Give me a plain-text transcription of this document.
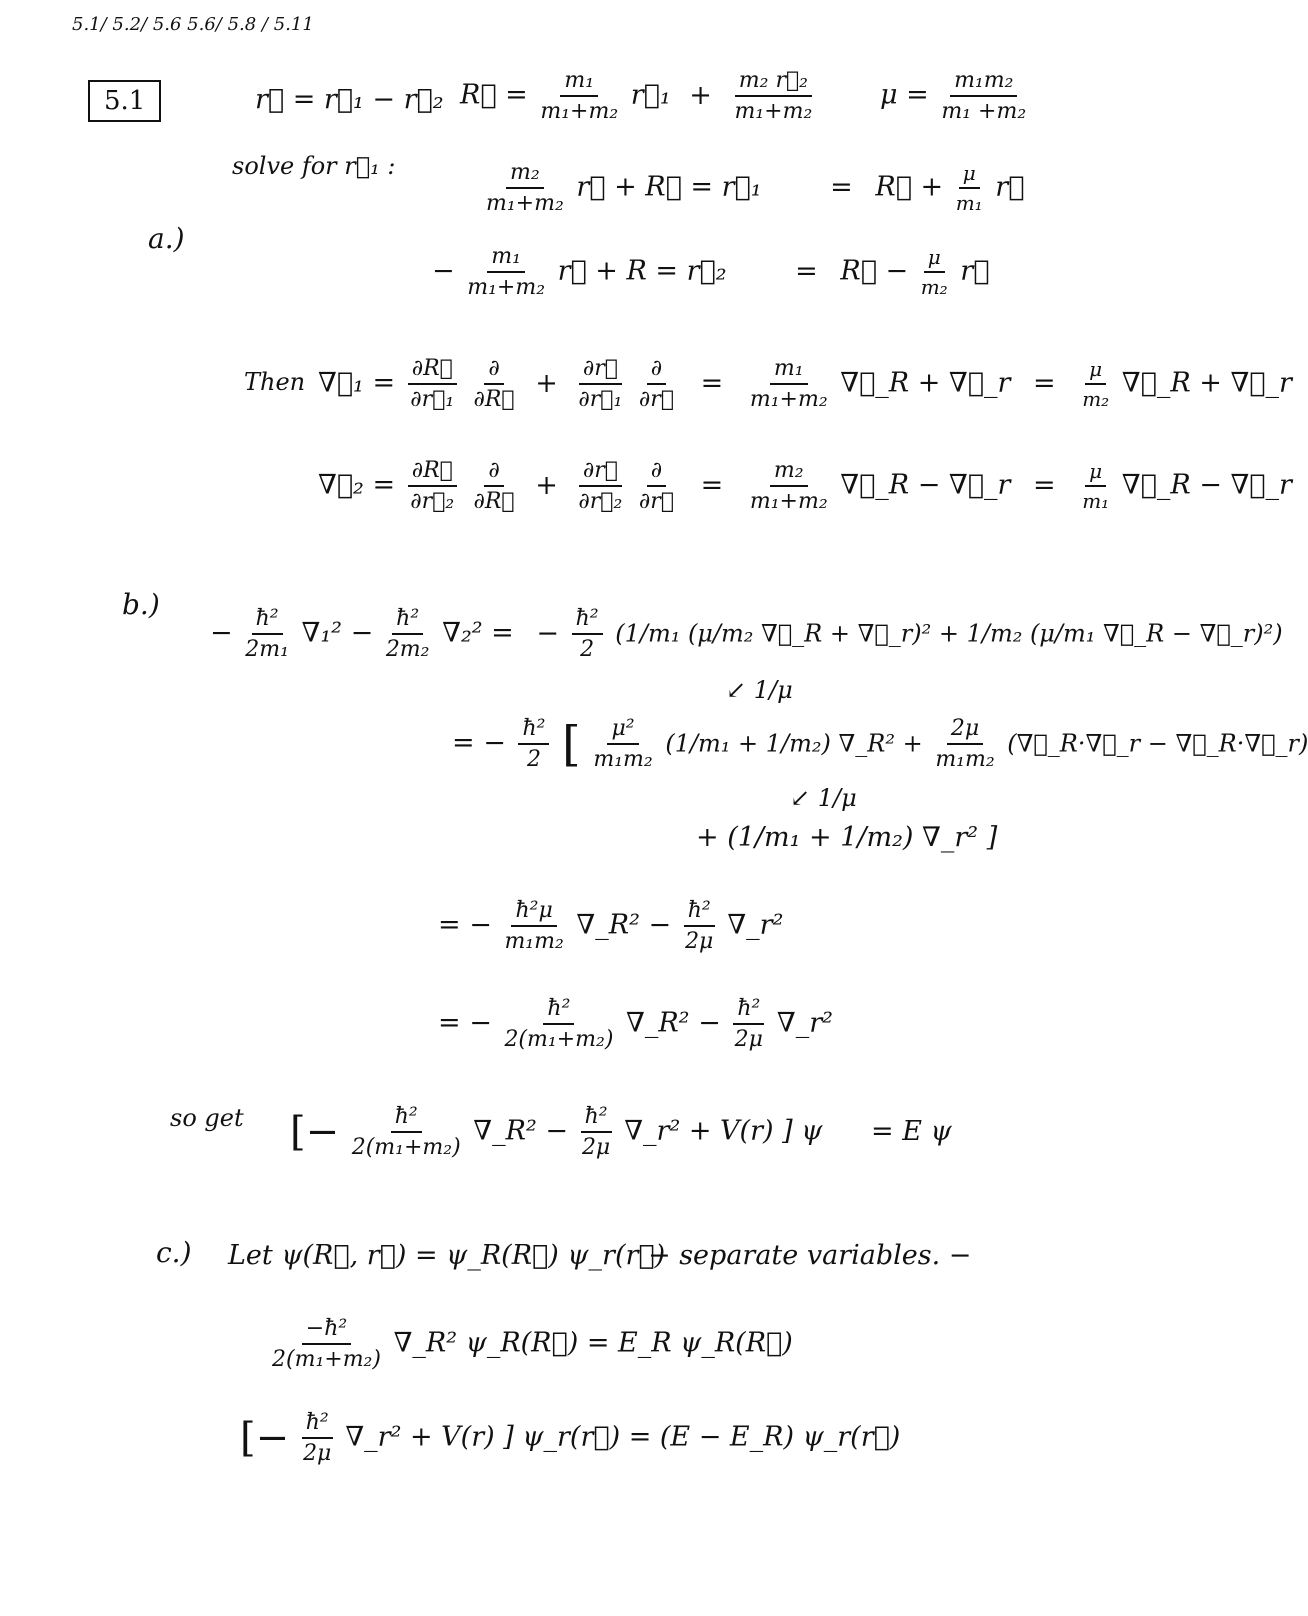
5.1/ 5.2/ 5.6 5.6/ 5.8 / 5.11
5.1	r⃗ = r⃗₁ − r⃗₂ R⃗ = $\frac{\text{m₁}}{\text{m₁+m₂}}$ r⃗₁ + $\frac{\text{m₂ r⃗₂}}{\text{m₁+m₂}}$	$\mu = \frac{\text{m₁m₂}}{\text{m₁ +m₂}}$
solve for r⃗₁ :
a.)
$\frac{\text{m₂}}{\text{m₁+m₂}}$ r⃗ + R⃗ = r⃗₁	= R⃗ + $\frac{\mu}{\text{m₁}}$ r⃗
− $\frac{\text{m₁}}{\text{m₁+m₂}}$ r⃗ + R = r⃗₂	= R⃗ − $\frac{\mu}{\text{m₂}}$ r⃗
Then ∇⃗₁ = $\frac{\partial R⃗}{\text{∂r⃗₁}}$
$\frac{\partial}{\partial R⃗} + \frac{\partial r⃗}{\text{∂r⃗₁}}$
$\frac{\partial}{\partial r⃗} = \frac{\text{m₁}}{\text{m₁+m₂}}$ ∇⃗_R + ∇⃗_r = $\frac{\mu}{\text{m₂}}$ ∇⃗_R + ∇⃗_r
∇⃗₂ = $\frac{\partial R⃗}{\text{∂r⃗₂}}$
$\frac{\partial}{\partial R⃗} + \frac{\partial r⃗}{\text{∂r⃗₂}}$
$\frac{\partial}{\partial r⃗} = \frac{\text{m₂}}{\text{m₁+m₂}}$ ∇⃗_R − ∇⃗_r = $\frac{\mu}{\text{m₁}}$ ∇⃗_R − ∇⃗_r
b.)
− $\frac{\text{ħ²}}{\text{2m₁}} \nabla_1^2 - \frac{\text{ħ²}}{\text{2m₂}} \nabla_2^2$ = − $\frac{\text{ħ²}}{2} (1/m_1$ (μ/m₂ ∇⃗_R + ∇⃗_r)² + 1/m₂ (μ/m₁ ∇⃗_R − ∇⃗_r)²)
↙ 1/μ
= − $\frac{\text{ħ²}}{2}$ [ $\frac{\text{μ²}}{\text{m₁m₂}} (1/m_1 + 1/m_2)$ ∇_R² + $\frac{2\mu}{\text{m₁m₂}}$ (∇⃗_R·∇⃗_r − ∇⃗_R·∇⃗_r)
↙ 1/μ
+ (1/m₁ + 1/m₂) ∇_r² ]
= − $\frac{\text{ħ²μ}}{\text{m₁m₂}}$ ∇_R² − $\frac{\text{ħ²}}{2\mu}$ ∇_r²
= − $\frac{\text{ħ²}}{\text{2(m₁+m₂)}}$ ∇_R² − $\frac{\text{ħ²}}{2\mu}$ ∇_r²
so get [− $\frac{\text{ħ²}}{\text{2(m₁+m₂)}}$ ∇_R² − $\frac{\text{ħ²}}{2\mu}$ ∇_r² + V(r) ] ψ = E ψ
c.) Let ψ(R⃗, r⃗) = ψ_R(R⃗) ψ_r(r⃗)
− separate variables. −
$\frac{\text{−ħ²}}{\text{2(m₁+m₂)}}$ ∇_R² ψ_R(R⃗) = E_R ψ_R(R⃗)
[− $\frac{\text{ħ²}}{2\mu}$ ∇_r² + V(r) ] ψ_r(r⃗) = (E − E_R) ψ_r(r⃗)
